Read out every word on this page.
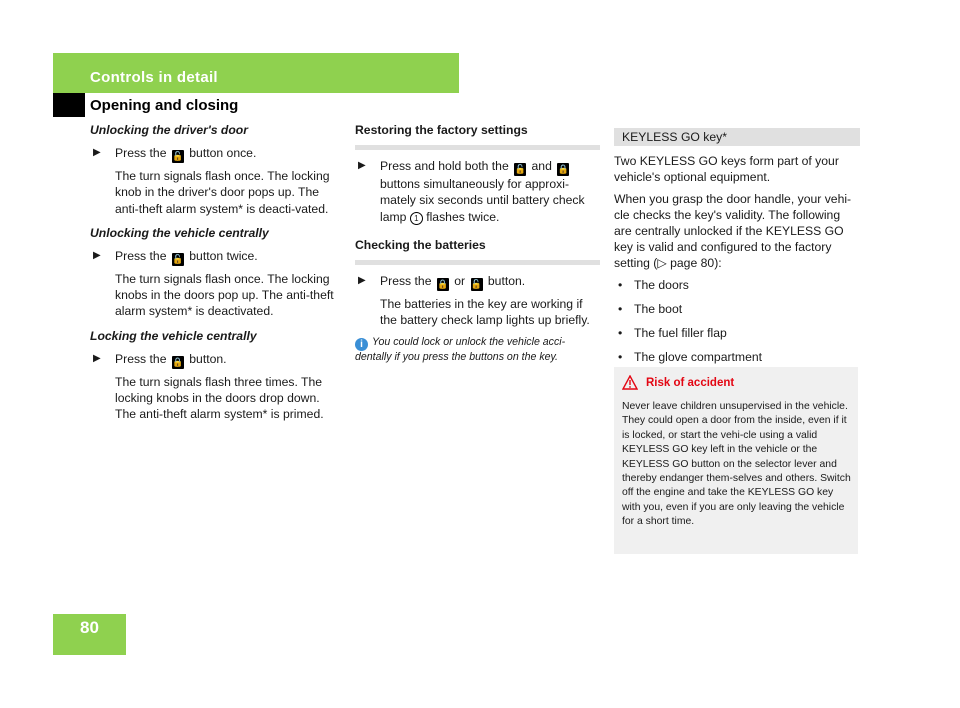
Controls in detail
Opening and closing

Unlocking the driver's door

▶ Press the 🔓 button once.

The turn signals flash once. The locking knob in the driver's door pops up. The anti-theft alarm system* is deacti-vated.

Unlocking the vehicle centrally

▶ Press the 🔓 button twice.

The turn signals flash once. The locking knobs in the doors pop up. The anti-theft alarm system* is deactivated.

Locking the vehicle centrally

▶ Press the 🔒 button.

The turn signals flash three times. The locking knobs in the doors drop down. The anti-theft alarm system* is primed.

Restoring the factory settings

▶ Press and hold both the 🔓 and 🔒 buttons simultaneously for approxi-mately six seconds until battery check lamp 1 flashes twice.

Checking the batteries

▶ Press the 🔒 or 🔓 button.

The batteries in the key are working if the battery check lamp lights up briefly.

i You could lock or unlock the vehicle acci-dentally if you press the buttons on the key.

KEYLESS GO key*

Two KEYLESS GO keys form part of your vehicle's optional equipment.

When you grasp the door handle, your vehi-cle checks the key's validity. The following are centrally unlocked if the KEYLESS GO key is valid and configured to the factory setting (▷ page 80):

• The doors

• The boot

• The fuel filler flap

• The glove compartment

Risk of accident
Never leave children unsupervised in the vehicle. They could open a door from the inside, even if it is locked, or start the vehi-cle using a valid KEYLESS GO key left in the vehicle or the KEYLESS GO button on the selector lever and thereby endanger them-selves and others. Switch off the engine and take the KEYLESS GO key with you, even if you are only leaving the vehicle for a short time.
80
